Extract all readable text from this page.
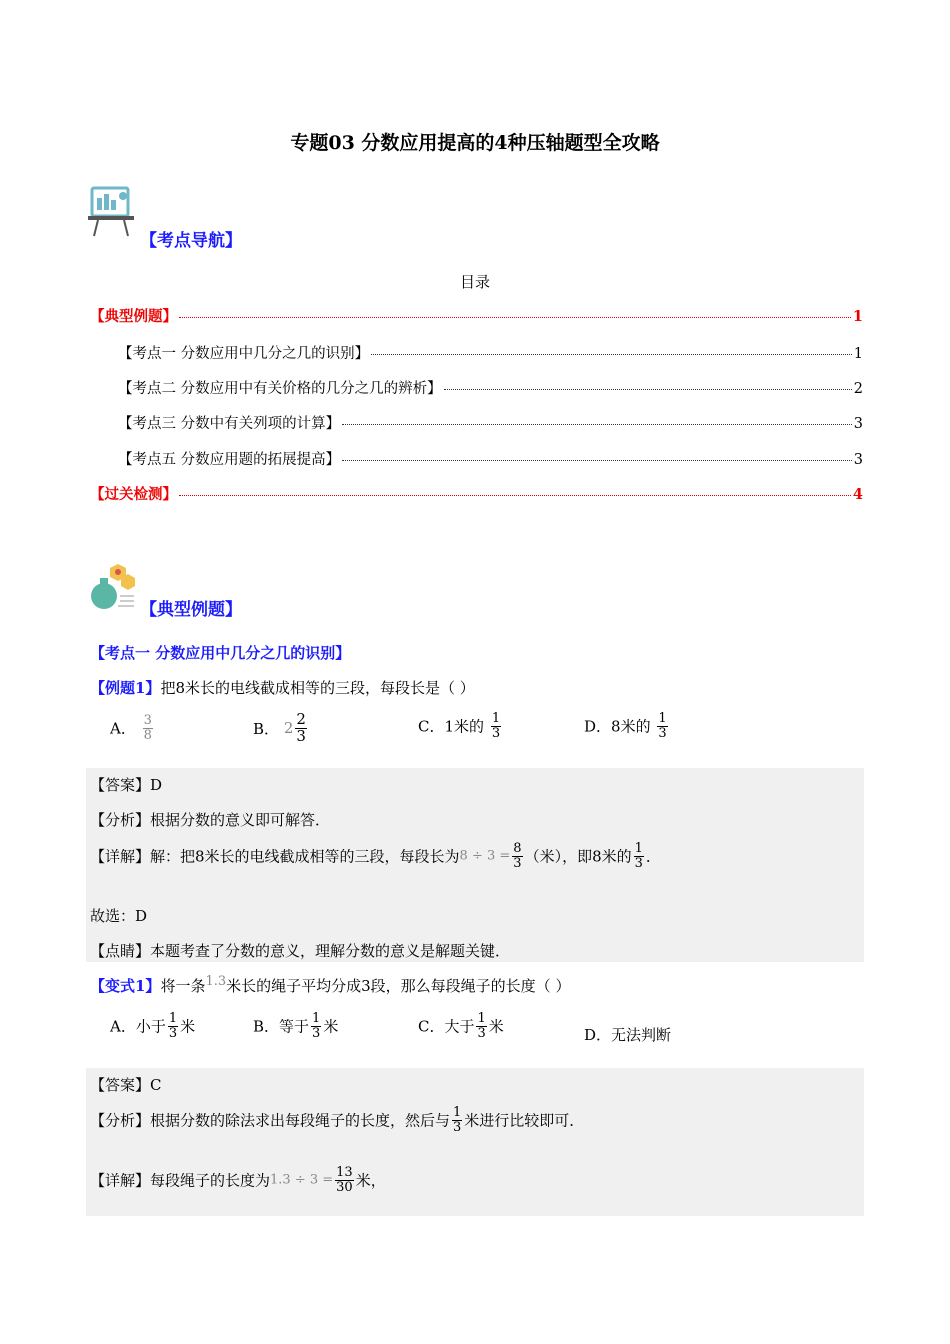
专题03 分数应用提高的4种压轴题型全攻略
【考点导航】
目录
【典型例题】	1
【考点一 分数应用中几分之几的识别】	1
【考点二 分数应用中有关价格的几分之几的辨析】	2
【考点三 分数中有关列项的计算】	3
【考点五 分数应用题的拓展提高】	3
【过关检测】	4
【典型例题】
【考点一 分数应用中几分之几的识别】
【例题1】把8米长的电线截成相等的三段，每段长是（ ）
A． $\frac{3}{8}$	B． $2 \frac{2}{3}$	C．1米的 $\frac{1}{3}$	D．8米的 $\frac{1}{3}$
【答案】D
【分析】根据分数的意义即可解答．
【详解】解：把8米长的电线截成相等的三段，每段长为$8 \div 3 = \frac{8}{3}$ （米），即8米的 $\frac{1}{3}$ ．
故选：D
【点睛】本题考查了分数的意义，理解分数的意义是解题关键．
【变式1】将一条1.3米长的绳子平均分成3段，那么每段绳子的长度（ ）
A．小于 $\frac{1}{3}$ 米	B．等于 $\frac{1}{3}$ 米	C．大于 $\frac{1}{3}$ 米	D．无法判断
【答案】C
【分析】根据分数的除法求出每段绳子的长度，然后与 $\frac{1}{3}$ 米进行比较即可．
【详解】每段绳子的长度为$1.3 \div 3 = \frac{13}{30}$ 米，
